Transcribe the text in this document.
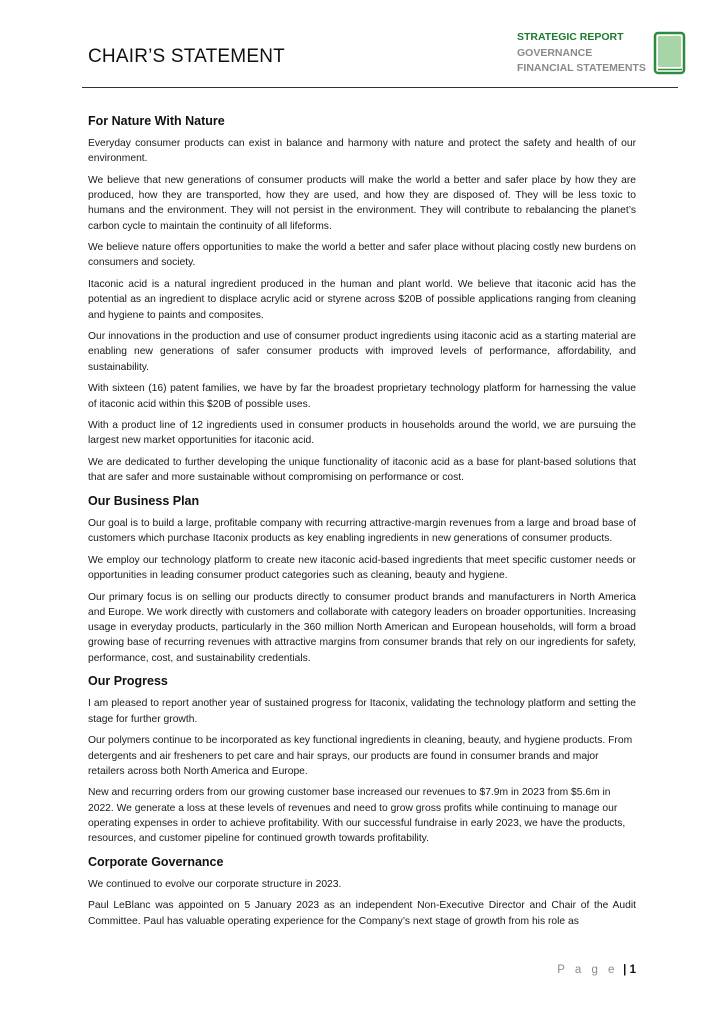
CHAIR’S STATEMENT
STRATEGIC REPORT
GOVERNANCE
FINANCIAL STATEMENTS
For Nature With Nature

Everyday consumer products can exist in balance and harmony with nature and protect the safety and health of our environment.

We believe that new generations of consumer products will make the world a better and safer place by how they are produced, how they are transported, how they are used, and how they are disposed of. They will be less toxic to humans and the environment. They will not persist in the environment. They will contribute to rebalancing the planet’s carbon cycle to maintain the continuity of all lifeforms.

We believe nature offers opportunities to make the world a better and safer place without placing costly new burdens on consumers and society.

Itaconic acid is a natural ingredient produced in the human and plant world. We believe that itaconic acid has the potential as an ingredient to displace acrylic acid or styrene across $20B of possible applications ranging from cleaning and hygiene to paints and composites.

Our innovations in the production and use of consumer product ingredients using itaconic acid as a starting material are enabling new generations of safer consumer products with improved levels of performance, affordability, and sustainability.

With sixteen (16) patent families, we have by far the broadest proprietary technology platform for harnessing the value of itaconic acid within this $20B of possible uses.

With a product line of 12 ingredients used in consumer products in households around the world, we are pursuing the largest new market opportunities for itaconic acid.

We are dedicated to further developing the unique functionality of itaconic acid as a base for plant-based solutions that that are safer and more sustainable without compromising on performance or cost.

Our Business Plan

Our goal is to build a large, profitable company with recurring attractive-margin revenues from a large and broad base of customers which purchase Itaconix products as key enabling ingredients in new generations of consumer products.

We employ our technology platform to create new itaconic acid-based ingredients that meet specific customer needs or opportunities in leading consumer product categories such as cleaning, beauty and hygiene.

Our primary focus is on selling our products directly to consumer product brands and manufacturers in North America and Europe. We work directly with customers and collaborate with category leaders on broader opportunities. Increasing usage in everyday products, particularly in the 360 million North American and European households, will form a broad growing base of recurring revenues with attractive margins from consumer brands that rely on our ingredients for safety, performance, cost, and sustainability credentials.

Our Progress

I am pleased to report another year of sustained progress for Itaconix, validating the technology platform and setting the stage for further growth.

Our polymers continue to be incorporated as key functional ingredients in cleaning, beauty, and hygiene products. From detergents and air fresheners to pet care and hair sprays, our products are found in consumer brands and major retailers across both North America and Europe.

New and recurring orders from our growing customer base increased our revenues to $7.9m in 2023 from $5.6m in 2022. We generate a loss at these levels of revenues and need to grow gross profits while continuing to manage our operating expenses in order to achieve profitability. With our successful fundraise in early 2023, we have the products, resources, and customer pipeline for continued growth towards profitability.

Corporate Governance

We continued to evolve our corporate structure in 2023.

Paul LeBlanc was appointed on 5 January 2023 as an independent Non-Executive Director and Chair of the Audit Committee. Paul has valuable operating experience for the Company’s next stage of growth from his role as

P a g e | 1
